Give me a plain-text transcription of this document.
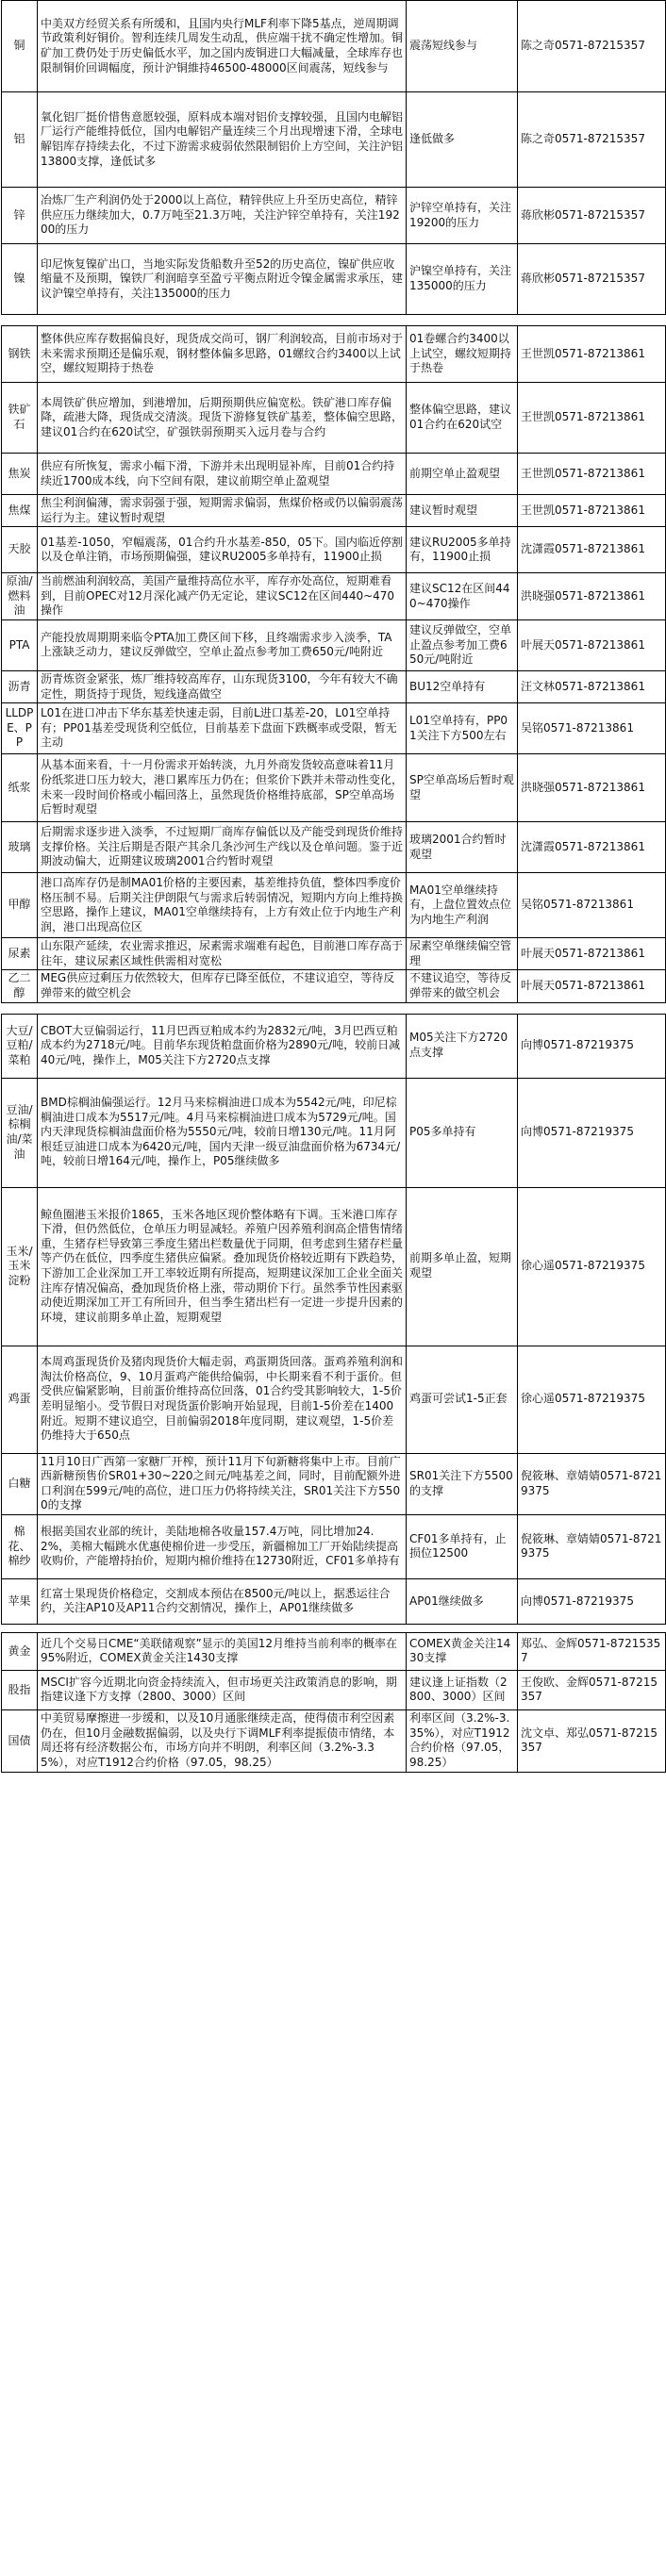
铜	中美双方经贸关系有所缓和，且国内央行MLF利率下降5基点，逆周期调节政策利好铜价。智利连续几周发生动乱，供应端干扰不确定性增加。铜矿加工费仍处于历史偏低水平，加之国内废铜进口大幅减量，全球库存也限制铜价回调幅度，预计沪铜維持46500-48000区间震荡，短线参与	震荡短线参与	陈之奇0571-87215357
铝	氧化铝厂挺价惜售意愿较强，原料成本端对铝价支撑较强，且国内电解铝厂运行产能维持低位，国内电解铝产量连续三个月出现增速下滑，全球电解铝库存持续去化，不过下游需求疲弱依然限制铝价上方空间，关注沪铝13800支撑，逢低试多	逢低做多	陈之奇0571-87215357
锌	冶炼厂生产利润仍处于2000以上高位，精锌供应上升至历史高位，精锌供应压力继续加大，0.7万吨至21.3万吨，关注沪锌空单持有，关注19200的压力	沪锌空单持有，关注19200的压力	蒋欣彬0571-87215357
镍	印尼恢复镍矿出口，当地实际发货船数升至52的历史高位，镍矿供应收缩量不及预期，镍铁厂利润暗享至盈亏平衡点附近令镍金属需求承压，建议沪镍空单持有，关注135000的压力	沪镍空单持有，关注135000的压力	蒋欣彬0571-87215357

钢铁	整体供应库存数据偏良好，现货成交尚可，钢厂利润较高，目前市场对于未来需求预期还是偏乐观，钢材整体偏多思路，01螺纹合约3400以上试空，螺纹短期持于热卷	01卷螺合约3400以上试空，螺纹短期持于热卷	王世凯0571-87213861
铁矿石	本周铁矿供应增加，到港增加，后期预期供应偏宽松。铁矿港口库存偏降，疏港大降，现货成交清淡。现货下游修复铁矿基差，整体偏空思路，建议01合约在620试空，矿强铁弱预期买入远月卷与合约	整体偏空思路，建议01合约在620试空	王世凯0571-87213861
焦炭	供应有所恢复，需求小幅下滑，下游并未出现明显补库，目前01合约持续近1700成本线，向下空间有限，建议前期空单止盈观望	前期空单止盈观望	王世凯0571-87213861
焦煤	焦尘利润偏薄，需求弱强于强，短期需求偏弱，焦煤价格或仍以偏弱震荡运行为主。建议暂时观望	建议暂时观望	王世凯0571-87213861
天胶	01基差-1050，窄幅震荡，01合约升水基差-850，05下。国内临近停割以及仓单注销，市场预期偏强，建议RU2005多单持有，11900止损	建议RU2005多单持有，11900止损	沈潇霞0571-87213861
原油/燃料油	当前燃油利润较高，美国产量维持高位水平，库存亦处高位，短期难看到，目前OPEC对12月深化减产仍无定论，建议SC12在区间440~470操作	建议SC12在区间440~470操作	洪晓强0571-87213861
PTA	产能投放周期期来临令PTA加工费区间下移，且终端需求步入淡季，TA上涨缺乏动力，建议反弹做空，空单止盈点参考加工费650元/吨附近	建议反弹做空，空单止盈点参考加工费650元/吨附近	叶展天0571-87213861
沥青	沥青炼资金紧张，炼厂维持较高库存，山东现货3100，今年有较大不确定性，期货持于现货，短线逢高做空	BU12空单持有	汪文林0571-87213861
LLDPE、PP	L01在进口冲击下华东基差快速走弱，目前L进口基差-20，L01空单持有；PP01基差受现货利空低位，目前基差下盘面下跌概率或受限，暂无主动	L01空单持有，PP01关注下方500左右	吴铭0571-87213861
纸浆	从基本面来看，十一月份需求开始转淡，九月外商发货较高意味着11月份纸浆进口压力较大，港口累库压力仍在；但浆价下跌并未带动性变化，未来一段时间价格或小幅回落上，虽然现货价格维持底部，SP空单高场后暂时观望	SP空单高场后暂时观望	洪晓强0571-87213861
玻璃	后期需求逐步进入淡季，不过短期厂商库存偏低以及产能受到现货价维持支撑价格。关注后期是否限产其余几条沙河生产线以及仓单问题。鉴于近期波动偏大，近期建议玻璃2001合约暂时观望	玻璃2001合约暂时观望	沈潇霞0571-87213861
甲醇	港口高库存仍是制MA01价格的主要因素，基差维持负值，整体四季度价格压制不易。后期关注伊朗限气与需求后转弱情况，短期内方向上维持换空思路，操作上建议，MA01空单继续持有，上方有效止位于内地生产利润，港口出现高位区	MA01空单继续持有，上盘位置效点位为内地生产利润	吴铭0571-87213861
尿素	山东限产延续，农业需求推迟，尿素需求端难有起色，目前港口库存高于往年，建议尿素区域性供需相对宽松	尿素空单继续偏空管理	叶展天0571-87213861
乙二醇	MEG供应过剩压力依然较大，但库存已降至低位，不建议追空，等待反弹带来的做空机会	不建议追空，等待反弹带来的做空机会	叶展天0571-87213861

大豆/豆粕/菜粕	CBOT大豆偏弱运行，11月巴西豆粕成本约为2832元/吨，3月巴西豆粕成本约为2718元/吨。目前华东现货粕盘面价格为2890元/吨，较前日减40元/吨，操作上，M05关注下方2720点支撑	M05关注下方2720点支撑	向博0571-87219375
豆油/棕榈油/菜油	BMD棕榈油偏强运行。12月马来棕榈油进口成本为5542元/吨，印尼棕榈油进口成本为5517元/吨。4月马来棕榈油进口成本为5729元/吨。国内天津现货棕榈油盘面价格为5550元/吨，较前日增130元/吨。11月阿根廷豆油进口成本为6420元/吨，国内天津一级豆油盘面价格为6734元/吨，较前日增164元/吨，操作上，P05继续做多	P05多单持有	向博0571-87219375
玉米/玉米淀粉	鲸鱼圈港玉米报价1865，玉米各地区现价整体略有下调。玉米港口库存下滑，但仍然低位，仓单压力明显减轻。养殖户因养殖利润高企惜售情绪重，生猪存栏导致第三季度生猪出栏数量优于同期，但考虑到生猪存栏量等产仍在低位，四季度生猪供应偏紧。叠加现货价格较近期有下跌趋势，下游加工企业深加工开工率较近期有所提高，短期建议深加工企业全面关注库存情况偏高，叠加现货价格上涨，带动期价下行。虽然季节性因素驱动使近期深加工开工有所回升，但当季生猪出栏有一定进一步提升因素的环境，建议前期多单止盈，短期观望	前期多单止盈，短期观望	徐心遥0571-87219375
鸡蛋	本周鸡蛋现货价及猪肉现货价大幅走弱，鸡蛋期货回落。蛋鸡养殖利润和淘汰价格高位，9、10月蛋鸡产能供给偏弱，中长期来看不利于蛋价。但受供应偏紧影响，目前蛋价维持高位回落，01合约受其影响较大，1-5价差明显缩小。受节假日对现货蛋价影响开始显现，目前1-5价差在1400附近。短期不建议追空，目前偏弱2018年度同期，建议观望，1-5价差仍维持大于650点	鸡蛋可尝试1-5正套	徐心遥0571-87219375
白糖	11月10日广西第一家糖厂开榨，预计11月下旬新糖将集中上市。目前广西新糖预售价SR01+30~220之间元/吨基差之间，同时，目前配额外进口利润在599元/吨的高位，进口压力仍将持续关注，SR01关注下方5500的支撑	SR01关注下方5500的支撑	倪筱琳、章婧婧0571-87219375
棉花、棉纱	根据美国农业部的统计，美陆地棉各收量157.4万吨，同比增加24.2%，美棉大幅跳水优惠使棉价进一步受压，新疆棉加工厂开始陆续提高收购价，产能增持抬价，短期内棉价维持在12730附近，CF01多单持有	CF01多单持有，止损位12500	倪筱琳、章婧婧0571-87219375
苹果	红富士果现货价格稳定，交割成本预估在8500元/吨以上，据悉运往合约，关注AP10及AP11合约交割情况，操作上，AP01继续做多	AP01继续做多	向博0571-87219375

黄金	近几个交易日CME“美联储观察”显示的美国12月维持当前利率的概率在95%附近，COMEX黄金关注1430支撑	COMEX黄金关注1430支撑	郑弘、金辉0571-87215357
股指	MSCI扩容今近期北向资金持续流入，但市场更关注政策消息的影响，期指建议逢下方支撑（2800、3000）区间	建议逢上证指数（2800、3000）区间	王俊欧、金辉0571-87215357
国债	中美贸易摩擦进一步缓和，以及10月通胀继续走高，使得债市利空因素仍在，但10月金融数据偏弱，以及央行下调MLF利率提振债市情绪，本周还将有经济数据公布，市场方向并不明朗，利率区间（3.2%-3.35%），对应T1912合约价格（97.05，98.25）	利率区间（3.2%-3.35%），对应T1912合约价格（97.05，98.25）	沈文卓、郑弘0571-87215357
